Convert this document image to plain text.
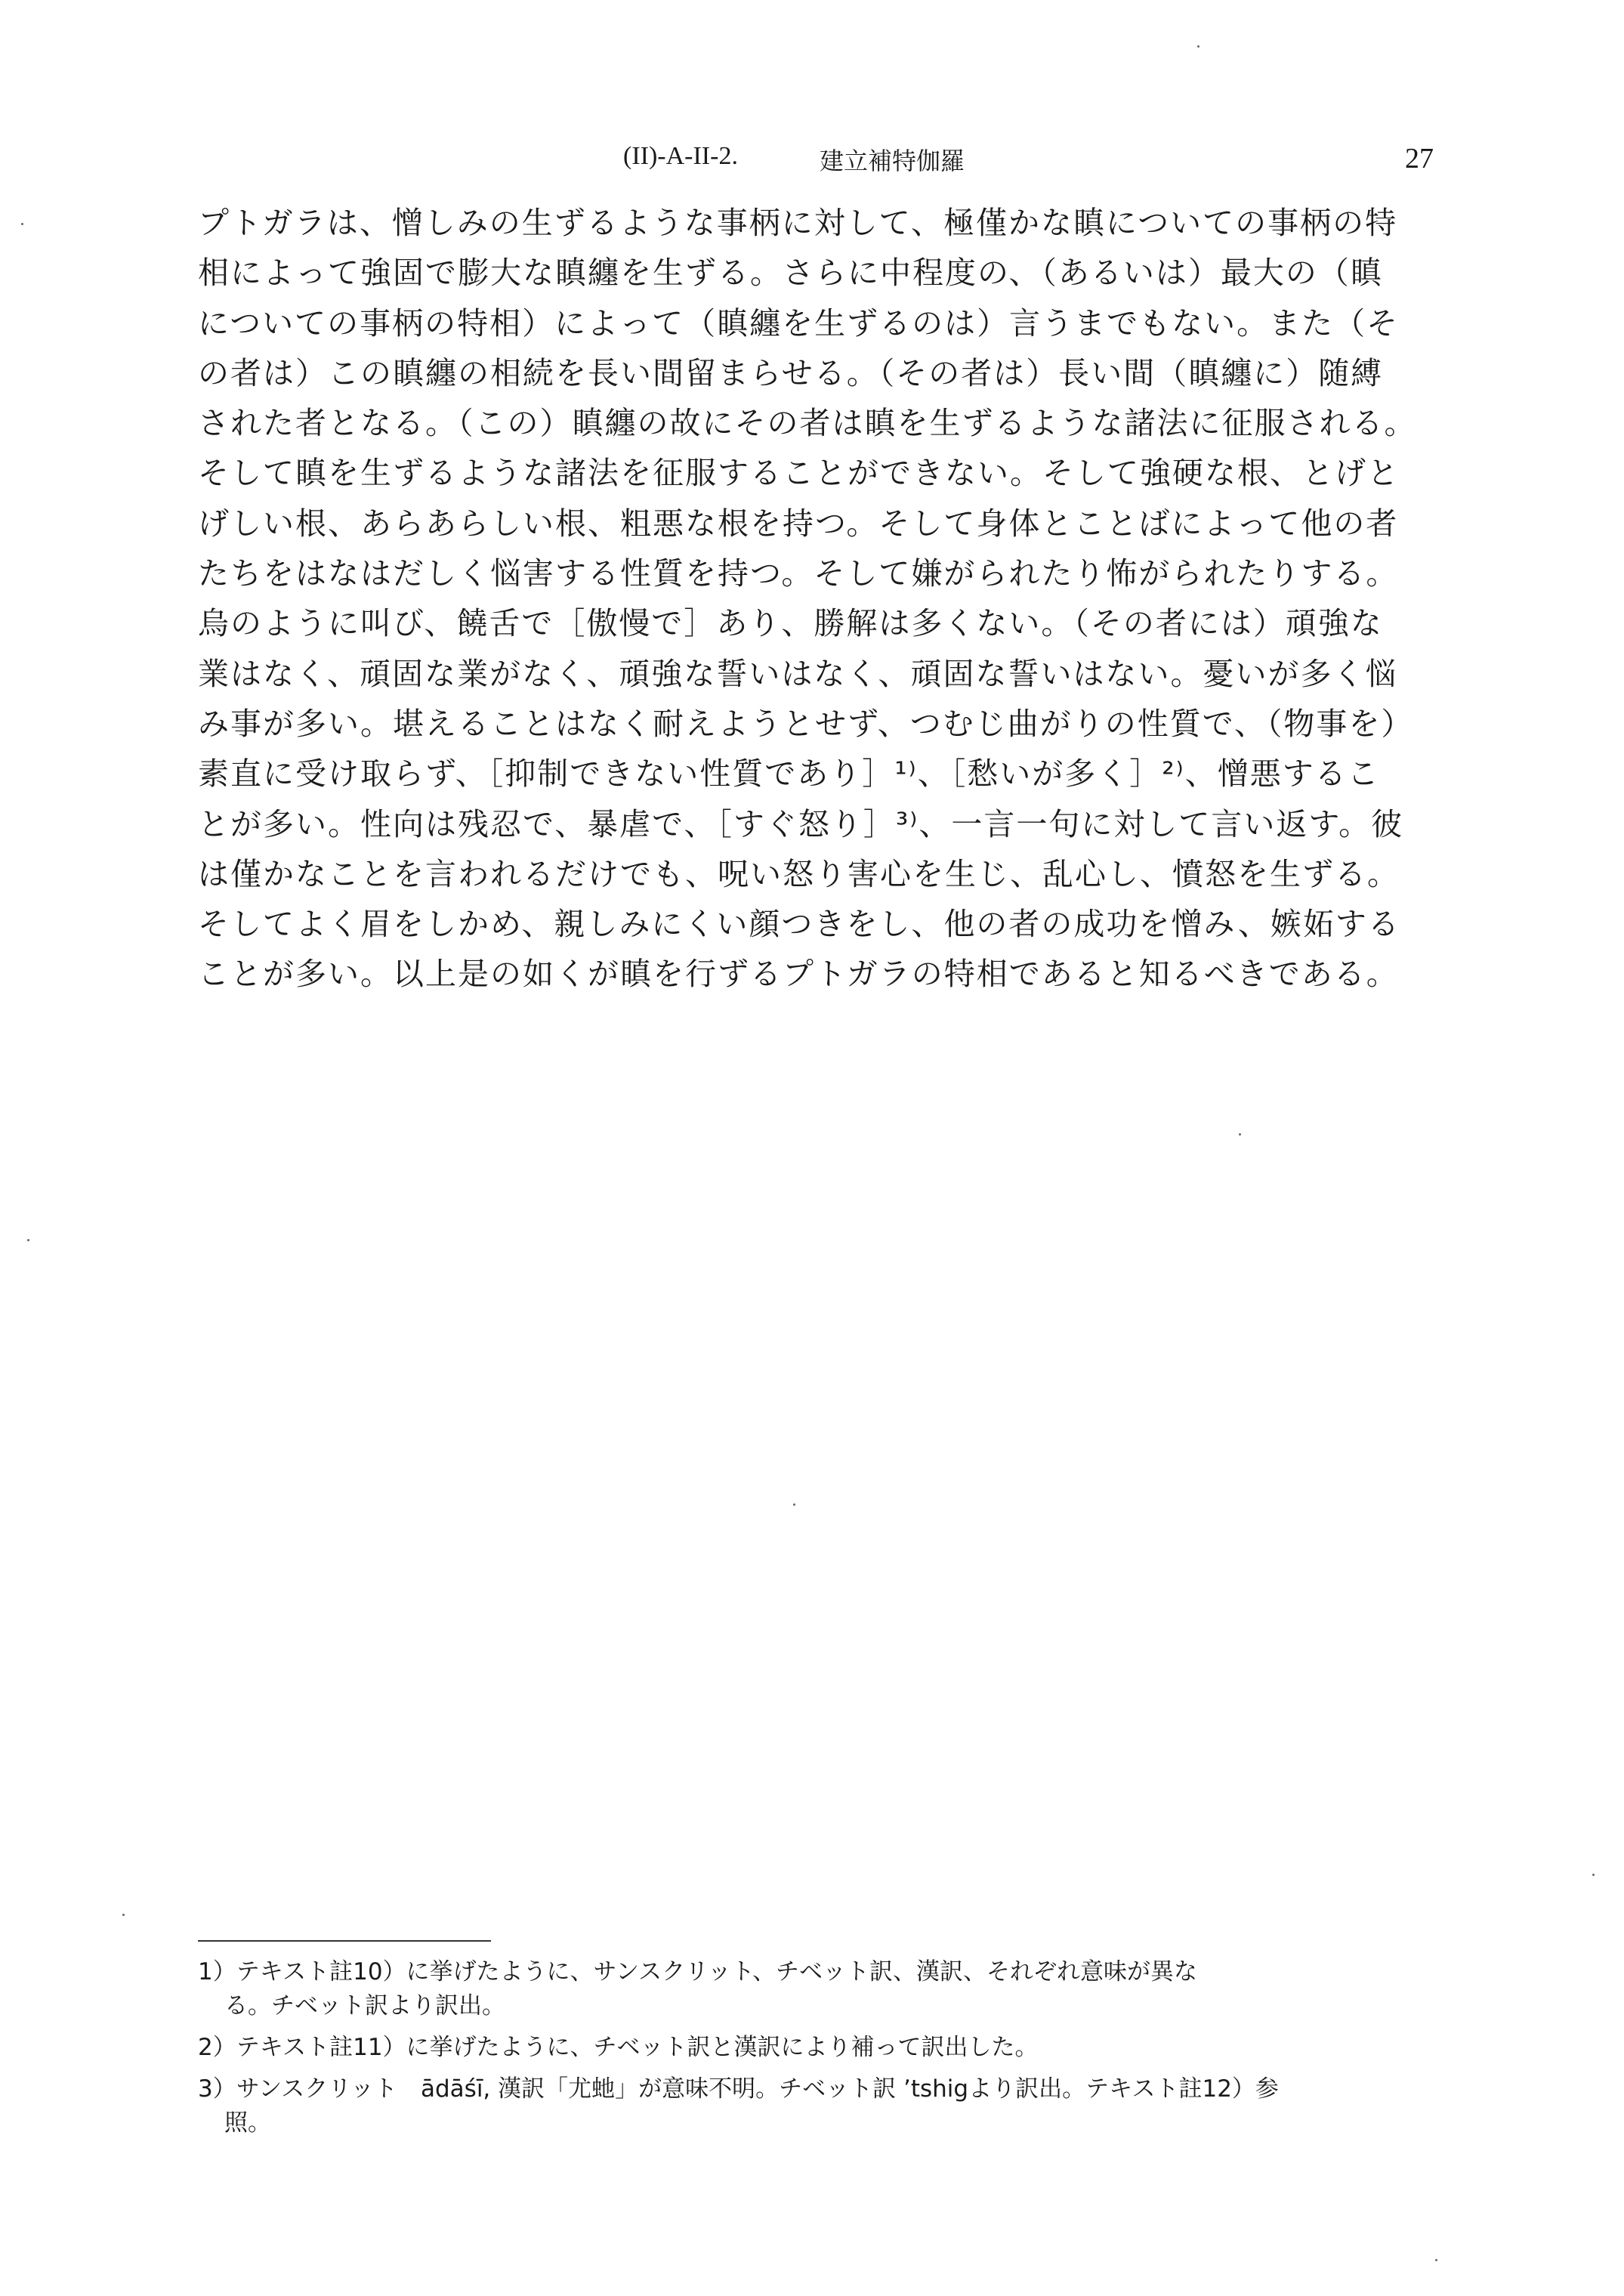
(II)-A-II-2.	建立補特伽羅	27
プトガラは、憎しみの生ずるような事柄に対して、極僅かな瞋についての事柄の特
相によって強固で膨大な瞋纏を生ずる。さらに中程度の、（あるいは）最大の（瞋
についての事柄の特相）によって（瞋纏を生ずるのは）言うまでもない。また（そ
の者は）この瞋纏の相続を長い間留まらせる。（その者は）長い間（瞋纏に）随縛
された者となる。（この）瞋纏の故にその者は瞋を生ずるような諸法に征服される。
そして瞋を生ずるような諸法を征服することができない。そして強硬な根、とげと
げしい根、あらあらしい根、粗悪な根を持つ。そして身体とことばによって他の者
たちをはなはだしく悩害する性質を持つ。そして嫌がられたり怖がられたりする。
烏のように叫び、饒舌で［傲慢で］あり、勝解は多くない。（その者には）頑強な
業はなく、頑固な業がなく、頑強な誓いはなく、頑固な誓いはない。憂いが多く悩
み事が多い。堪えることはなく耐えようとせず、つむじ曲がりの性質で、（物事を）
素直に受け取らず、［抑制できない性質であり］¹⁾、［愁いが多く］²⁾、憎悪するこ
とが多い。性向は残忍で、暴虐で、［すぐ怒り］³⁾、一言一句に対して言い返す。彼
は僅かなことを言われるだけでも、呪い怒り害心を生じ、乱心し、憤怒を生ずる。
そしてよく眉をしかめ、親しみにくい顔つきをし、他の者の成功を憎み、嫉妬する
ことが多い。以上是の如くが瞋を行ずるプトガラの特相であると知るべきである。
1）テキスト註10）に挙げたように、サンスクリット、チベット訳、漢訳、それぞれ意味が異な
る。チベット訳より訳出。
2）テキスト註11）に挙げたように、チベット訳と漢訳により補って訳出した。
3）サンスクリット　ādāśī, 漢訳「尤虵」が意味不明。チベット訳 ’tshigより訳出。テキスト註12）参
照。
